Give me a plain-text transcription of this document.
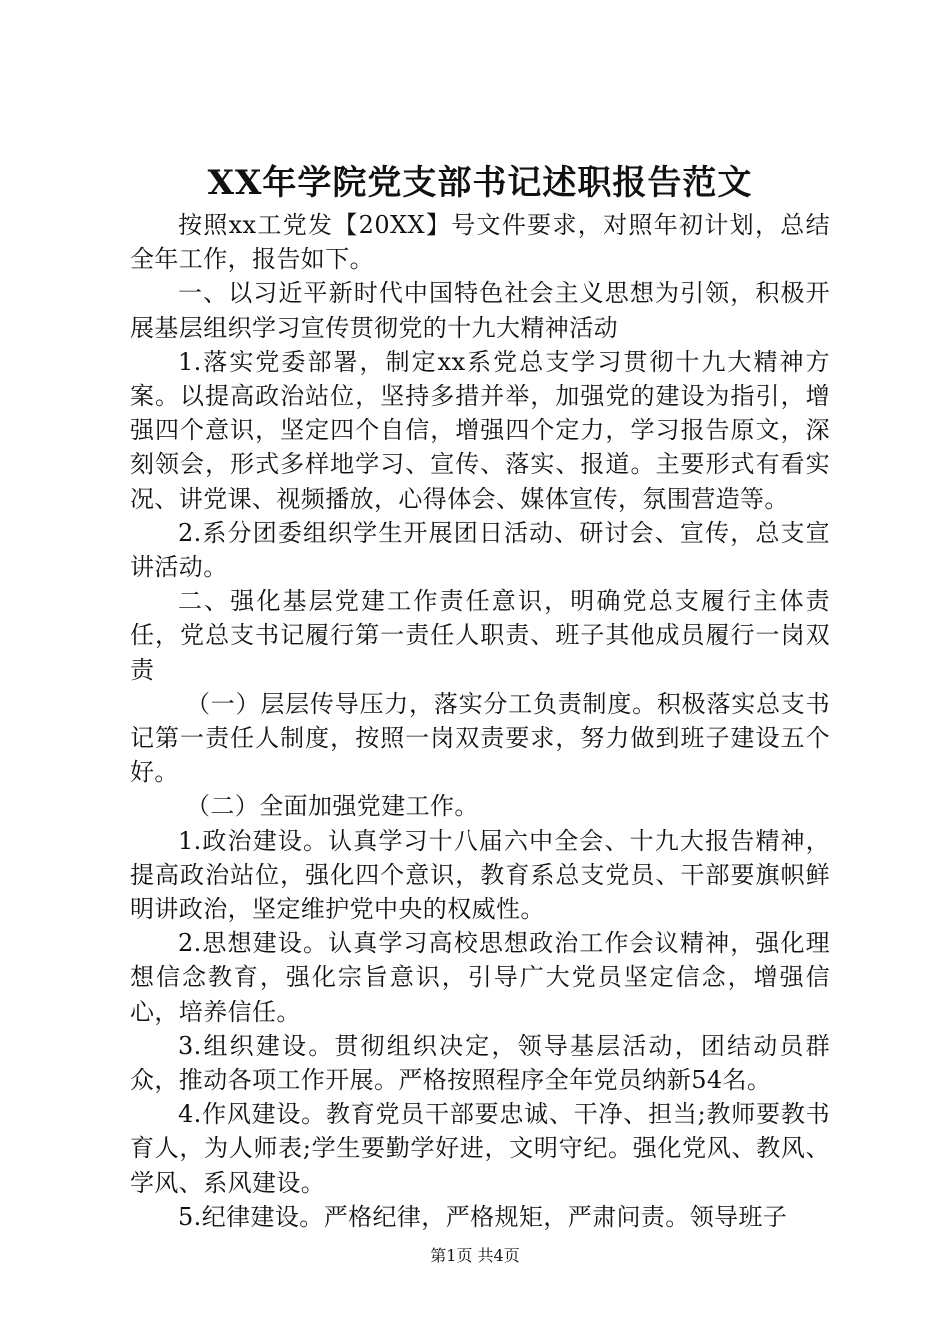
XX年学院党支部书记述职报告范文

按照xx工党发【20XX】号文件要求，对照年初计划，总结全年工作，报告如下。

一、以习近平新时代中国特色社会主义思想为引领，积极开展基层组织学习宣传贯彻党的十九大精神活动

1.落实党委部署，制定xx系党总支学习贯彻十九大精神方案。以提高政治站位，坚持多措并举，加强党的建设为指引，增强四个意识，坚定四个自信，增强四个定力，学习报告原文，深刻领会，形式多样地学习、宣传、落实、报道。主要形式有看实况、讲党课、视频播放，心得体会、媒体宣传，氛围营造等。

2.系分团委组织学生开展团日活动、研讨会、宣传，总支宣讲活动。

二、强化基层党建工作责任意识，明确党总支履行主体责任，党总支书记履行第一责任人职责、班子其他成员履行一岗双责

（一）层层传导压力，落实分工负责制度。积极落实总支书记第一责任人制度，按照一岗双责要求，努力做到班子建设五个好。

（二）全面加强党建工作。

1.政治建设。认真学习十八届六中全会、十九大报告精神，提高政治站位，强化四个意识，教育系总支党员、干部要旗帜鲜明讲政治，坚定维护党中央的权威性。

2.思想建设。认真学习高校思想政治工作会议精神，强化理想信念教育，强化宗旨意识，引导广大党员坚定信念，增强信心，培养信任。

3.组织建设。贯彻组织决定，领导基层活动，团结动员群众，推动各项工作开展。严格按照程序全年党员纳新54名。

4.作风建设。教育党员干部要忠诚、干净、担当;教师要教书育人，为人师表;学生要勤学好进，文明守纪。强化党风、教风、学风、系风建设。

5.纪律建设。严格纪律，严格规矩，严肃问责。领导班子

第1页 共4页
